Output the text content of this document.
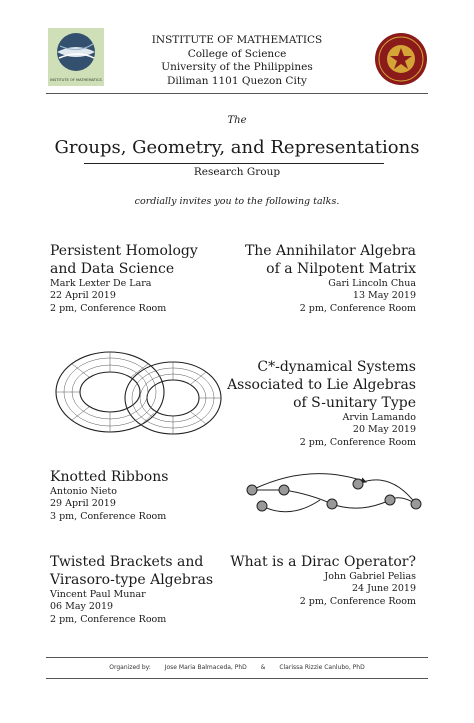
INSTITUTE OF MATHEMATICS
INSTITUTE OF MATHEMATICS
College of Science
University of the Philippines
Diliman 1101 Quezon City
The
Groups, Geometry, and Representations
Research Group
cordially invites you to the following talks.
Persistent Homology
and Data Science
Mark Lexter De Lara
22 April 2019
2 pm, Conference Room
The Annihilator Algebra
of a Nilpotent Matrix
Gari Lincoln Chua
13 May 2019
2 pm, Conference Room
C*-dynamical Systems
Associated to Lie Algebras
of S-unitary Type
Arvin Lamando
20 May 2019
2 pm, Conference Room
Knotted Ribbons
Antonio Nieto
29 April 2019
3 pm, Conference Room
Twisted Brackets and
Virasoro-type Algebras
Vincent Paul Munar
06 May 2019
2 pm, Conference Room
What is a Dirac Operator?
John Gabriel Pelias
24 June 2019
2 pm, Conference Room
Organized by: Jose Maria Balmaceda, PhD & Clarissa Rizzie Canlubo, PhD
